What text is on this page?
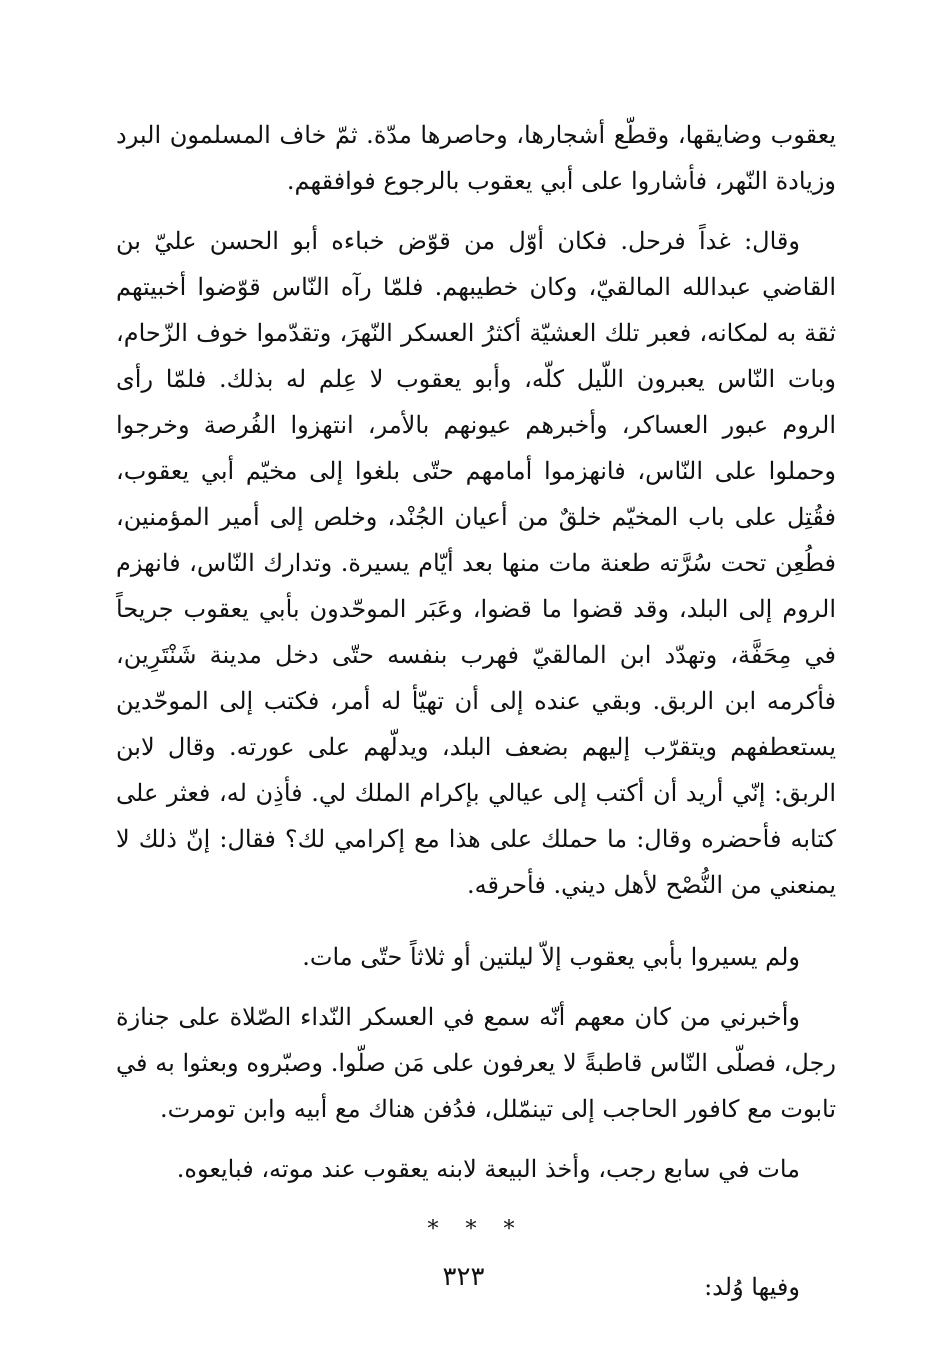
يعقوب وضايقها، وقطّع أشجارها، وحاصرها مدّة. ثمّ خاف المسلمون البرد وزيادة النّهر، فأشاروا على أبي يعقوب بالرجوع فوافقهم.

وقال: غداً فرحل. فكان أوّل من قوّض خباءه أبو الحسن عليّ بن القاضي عبدالله المالقيّ، وكان خطيبهم. فلمّا رآه النّاس قوّضوا أخبيتهم ثقة به لمكانه، فعبر تلك العشيّة أكثرُ العسكر النّهرَ، وتقدّموا خوف الزّحام، وبات النّاس يعبرون اللّيل كلّه، وأبو يعقوب لا عِلم له بذلك. فلمّا رأى الروم عبور العساكر، وأخبرهم عيونهم بالأمر، انتهزوا الفُرصة وخرجوا وحملوا على النّاس، فانهزموا أمامهم حتّى بلغوا إلى مخيّم أبي يعقوب، فقُتِل على باب المخيّم خلقٌ من أعيان الجُنْد، وخلص إلى أمير المؤمنين، فطُعِن تحت سُرَّته طعنة مات منها بعد أيّام يسيرة. وتدارك النّاس، فانهزم الروم إلى البلد، وقد قضوا ما قضوا، وعَبَر الموحّدون بأبي يعقوب جريحاً في مِحَفَّة، وتهدّد ابن المالقيّ فهرب بنفسه حتّى دخل مدينة شَنْتَرِين، فأكرمه ابن الربق. وبقي عنده إلى أن تهيّأ له أمر، فكتب إلى الموحّدين يستعطفهم ويتقرّب إليهم بضعف البلد، ويدلّهم على عورته. وقال لابن الربق: إنّي أريد أن أكتب إلى عيالي بإكرام الملك لي. فأذِن له، فعثر على كتابه فأحضره وقال: ما حملك على هذا مع إكرامي لك؟ فقال: إنّ ذلك لا يمنعني من النُّصْح لأهل ديني. فأحرقه.

ولم يسيروا بأبي يعقوب إلاّ ليلتين أو ثلاثاً حتّى مات.

وأخبرني من كان معهم أنّه سمع في العسكر النّداء الصّلاة على جنازة رجل، فصلّى النّاس قاطبةً لا يعرفون على مَن صلّوا. وصبّروه وبعثوا به في تابوت مع كافور الحاجب إلى تينمّلل، فدُفن هناك مع أبيه وابن تومرت.

مات في سابع رجب، وأخذ البيعة لابنه يعقوب عند موته، فبايعوه.

* * *

وفيها وُلد:

٣٢٣
